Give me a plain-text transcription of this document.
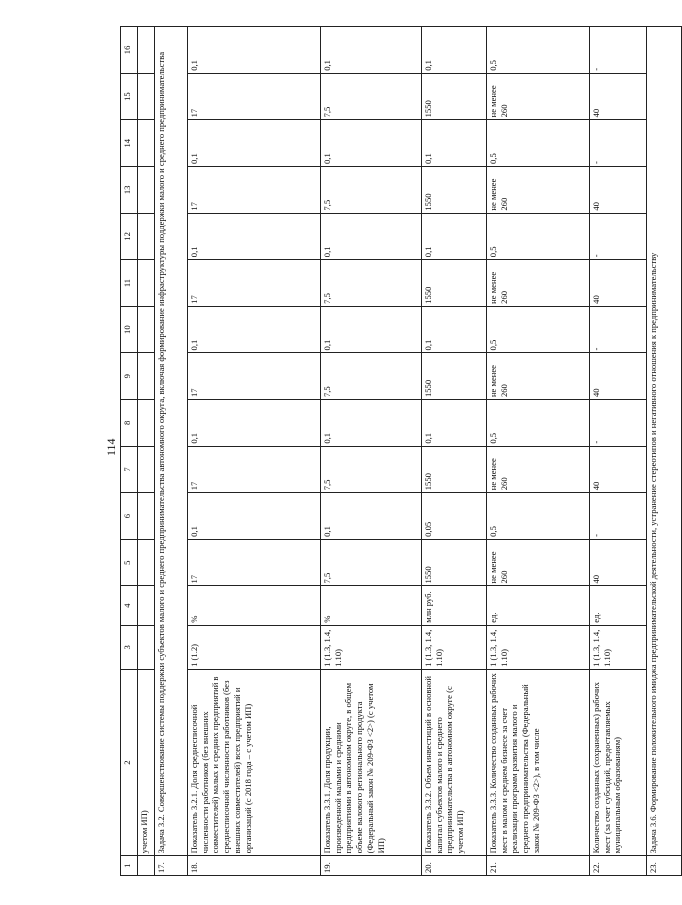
114
1	2	3	4	5	6	7	8	9	10	11	12	13	14	15	16
	учетом ИП)														
17.	Задача 3.2. Совершенствование системы поддержки субъектов малого и среднего предпринимательства автономного округа, включая формирование инфраструктуры поддержки малого и среднего предпринимательства														
18.	Показатель 3.2.1. Доля среднесписочной численности работников (без внешних совместителей) малых и средних предприятий в среднесписочной численности работников (без внешних совместителей) всех предприятий и организаций (с 2018 года – с учетом ИП)	1 (1.2)	%	17	0,1	17	0,1	17	0,1	17	0,1	17	0,1	17	0,1
19.	Показатель 3.3.1. Доля продукции, произведенной малыми и средними предприятиями в автономном округе, в общем объеме валового регионального продукта (Федеральный закон № 209-ФЗ <2>) (с учетом ИП)	1 (1.3, 1.4, 1.10)	%	7,5	0,1	7,5	0,1	7,5	0,1	7,5	0,1	7,5	0,1	7,5	0,1
20.	Показатель 3.3.2. Объем инвестиций в основной капитал субъектов малого и среднего предпринимательства в автономном округе (с учетом ИП)	1 (1.3, 1.4, 1.10)	млн руб.	1550	0,05	1550	0,1	1550	0,1	1550	0,1	1550	0,1	1550	0,1
21.	Показатель 3.3.3. Количество созданных рабочих мест в малом и среднем бизнесе за счет реализации программ развития малого и среднего предпринимательства (Федеральный закон № 209-ФЗ <2>), в том числе	1 (1.3, 1.4, 1.10)	ед.	не менее 260	0,5	не менее 260	0,5	не менее 260	0,5	не менее 260	0,5	не менее 260	0,5	не менее 260	0,5
22.	Количество созданных (сохраненных) рабочих мест (за счет субсидий, предоставляемых муниципальным образованиям)	1 (1.3, 1.4, 1.10)	ед.	40	-	40	-	40	-	40	-	40	-	40	-
23.	Задача 3.6. Формирование положительного имиджа предпринимательской деятельности, устранение стереотипов и негативного отношения к предпринимательству														
